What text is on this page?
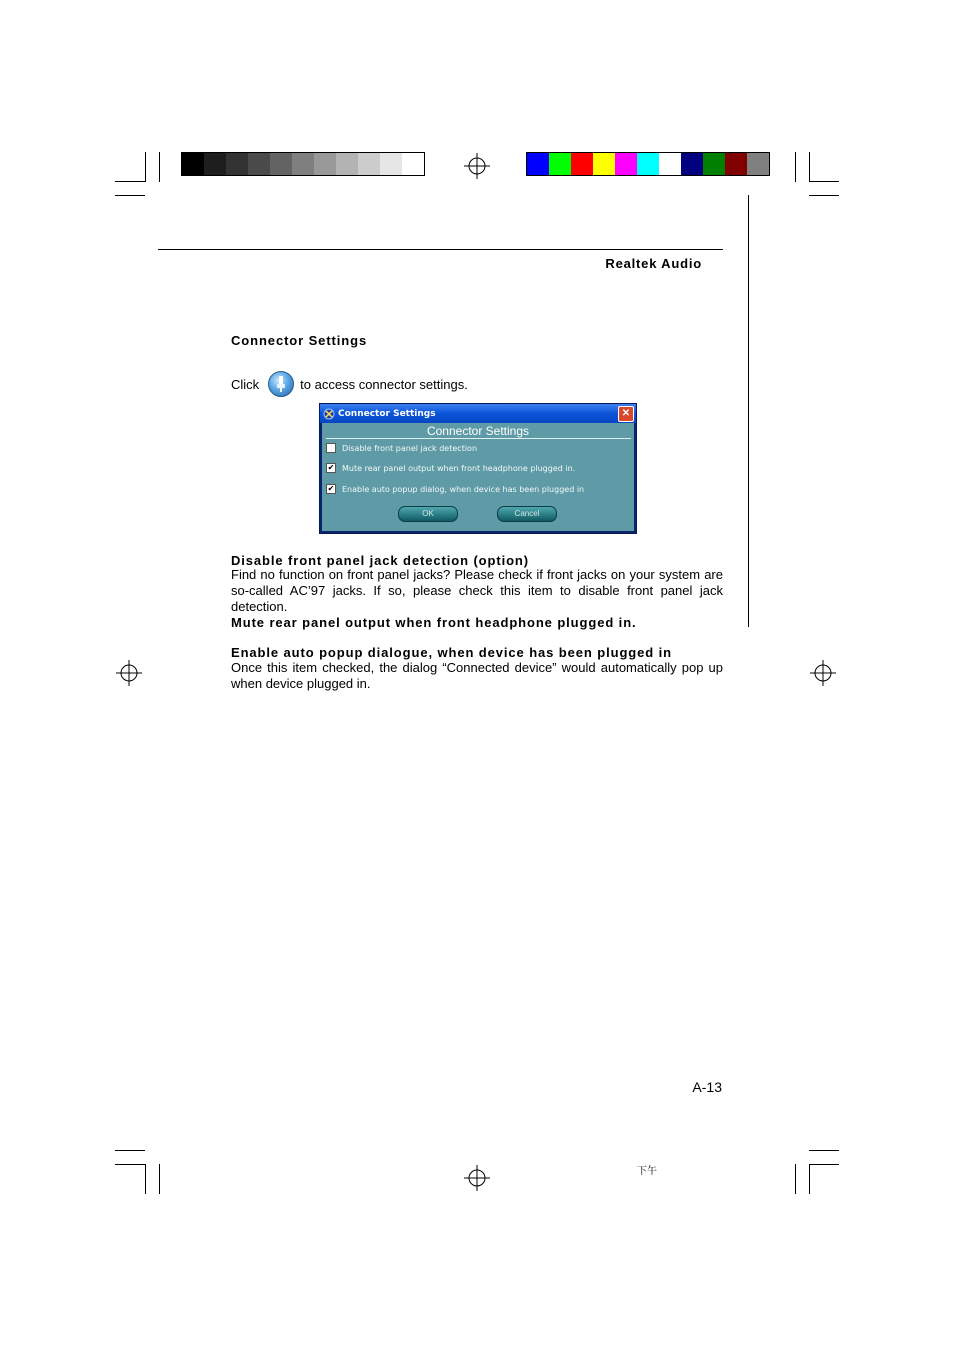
Realtek Audio
Connector Settings
Click	to access connector settings.
Connector Settings	✕
Connector Settings
Disable front panel jack detection
✔ Mute rear panel output when front headphone plugged in.
✔ Enable auto popup dialog, when device has been plugged in
OK	Cancel
Disable front panel jack detection (option)
Find no function on front panel jacks? Please check if front jacks on your system are so-called AC’97 jacks. If so, please check this item to disable front panel jack detection.
Mute rear panel output when front headphone plugged in.
Enable auto popup dialogue, when device has been plugged in
Once this item checked, the dialog “Connected device” would automatically pop up when device plugged in.
A-13
下午
